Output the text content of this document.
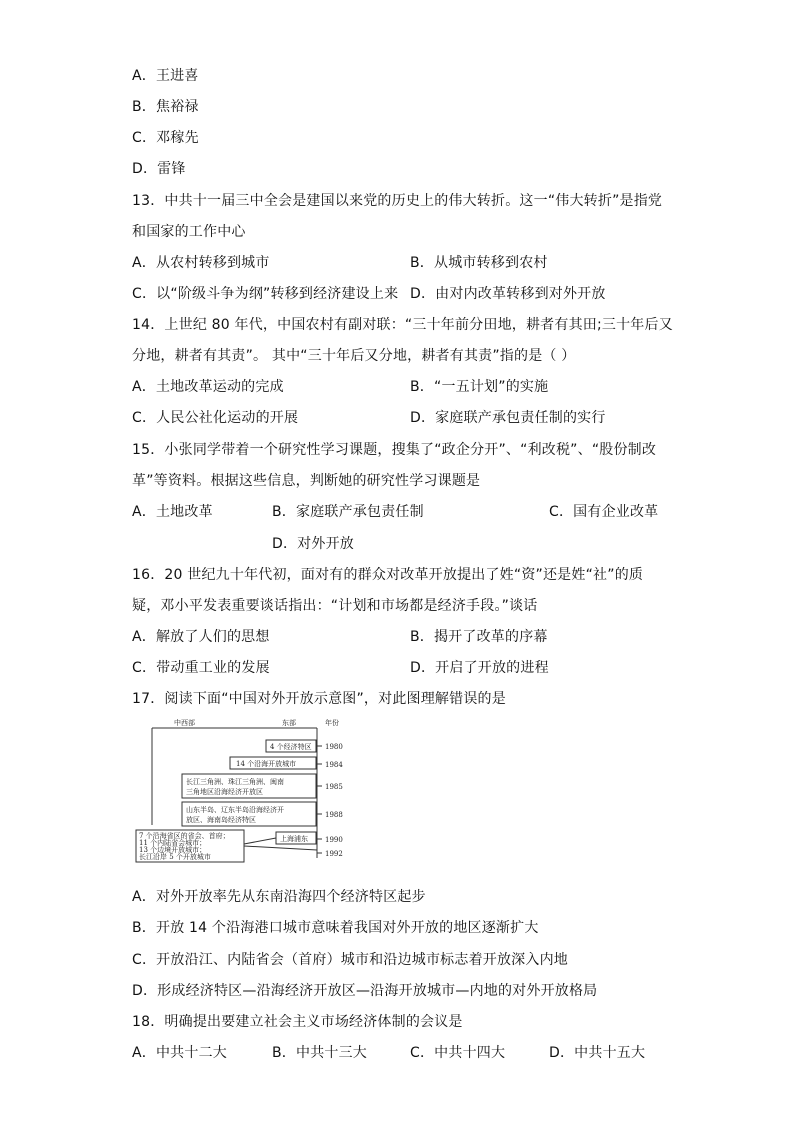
A．王进喜
B．焦裕禄
C．邓稼先
D．雷锋
13．中共十一届三中全会是建国以来党的历史上的伟大转折。这一“伟大转折”是指党
和国家的工作中心
A．从农村转移到城市	B．从城市转移到农村
C．以“阶级斗争为纲”转移到经济建设上来 D．由对内改革转移到对外开放
14．上世纪 80 年代，中国农村有副对联：“三十年前分田地，耕者有其田;三十年后又
分地，耕者有其责”。 其中“三十年后又分地，耕者有其责”指的是（ ）
A．土地改革运动的完成	B．“一五计划”的实施
C．人民公社化运动的开展	D．家庭联产承包责任制的实行
15．小张同学带着一个研究性学习课题，搜集了“政企分开”、“利改税”、“股份制改
革”等资料。根据这些信息，判断她的研究性学习课题是
A．土地改革	B．家庭联产承包责任制	C．国有企业改革
D．对外开放
16．20 世纪九十年代初，面对有的群众对改革开放提出了姓“资”还是姓“社”的质
疑，邓小平发表重要谈话指出：“计划和市场都是经济手段。”谈话
A．解放了人们的思想	B．揭开了改革的序幕
C．带动重工业的发展	D．开启了开放的进程
17．阅读下面“中国对外开放示意图”，对此图理解错误的是
中西部	东部	年份
4 个经济特区
14 个沿海开放城市
长江三角洲、珠江三角洲、闽南
三角地区沿海经济开放区
山东半岛、辽东半岛沿海经济开
放区、海南岛经济特区
上海浦东
7 个沿海省区的省会、首府；
11 个内陆省会城市；
13 个边境开放城市；
长江沿岸 5 个开放城市
1980
1984
1985
1988
1990
1992
A．对外开放率先从东南沿海四个经济特区起步
B．开放 14 个沿海港口城市意味着我国对外开放的地区逐渐扩大
C．开放沿江、内陆省会（首府）城市和沿边城市标志着开放深入内地
D．形成经济特区—沿海经济开放区—沿海开放城市—内地的对外开放格局
18．明确提出要建立社会主义市场经济体制的会议是
A．中共十二大	B．中共十三大	C．中共十四大	D．中共十五大
